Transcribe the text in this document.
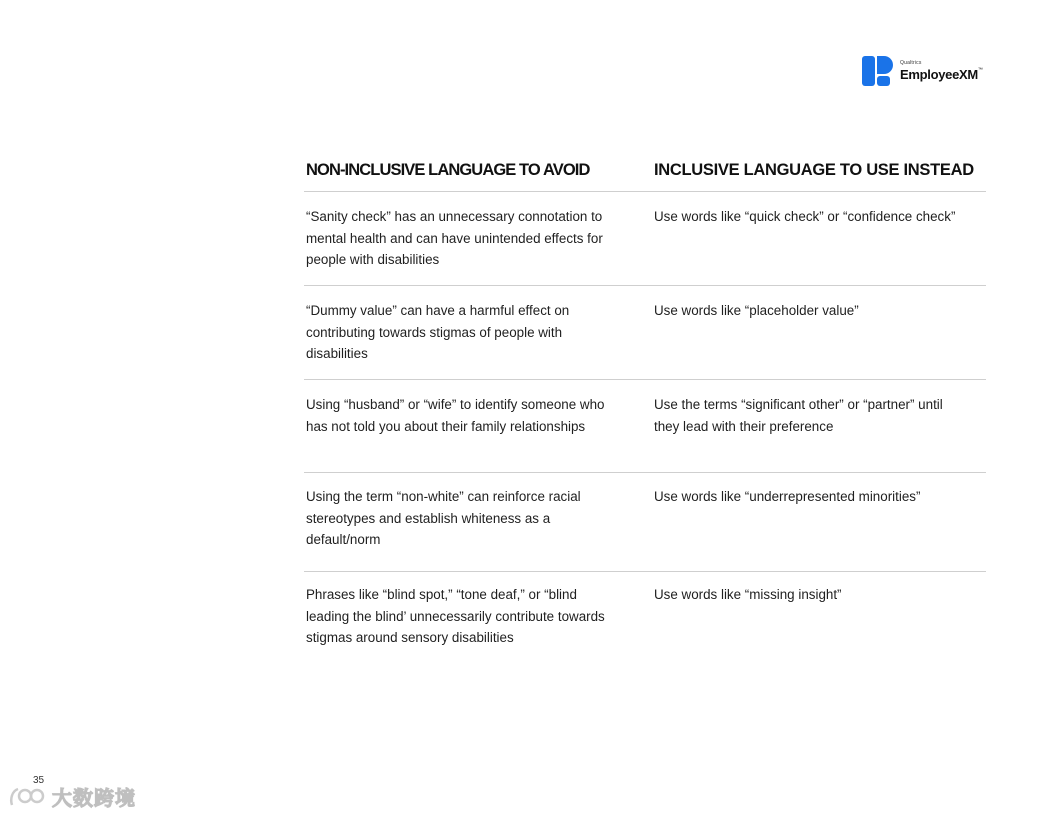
Qualtrics
EmployeeXM™
NON-INCLUSIVE LANGUAGE TO AVOID	INCLUSIVE LANGUAGE TO USE INSTEAD
“Sanity check” has an unnecessary connotation to mental health and can have unintended effects for people with disabilities
Use words like “quick check” or “confidence check”
“Dummy value” can have a harmful effect on contributing towards stigmas of people with disabilities
Use words like “placeholder value”
Using “husband” or “wife” to identify someone who has not told you about their family relationships
Use the terms “significant other” or “partner” until they lead with their preference
Using the term “non-white” can reinforce racial stereotypes and establish whiteness as a default/norm
Use words like “underrepresented minorities”
Phrases like “blind spot,” “tone deaf,” or “blind leading the blind’ unnecessarily contribute towards stigmas around sensory disabilities
Use words like “missing insight”
35
大数跨境
